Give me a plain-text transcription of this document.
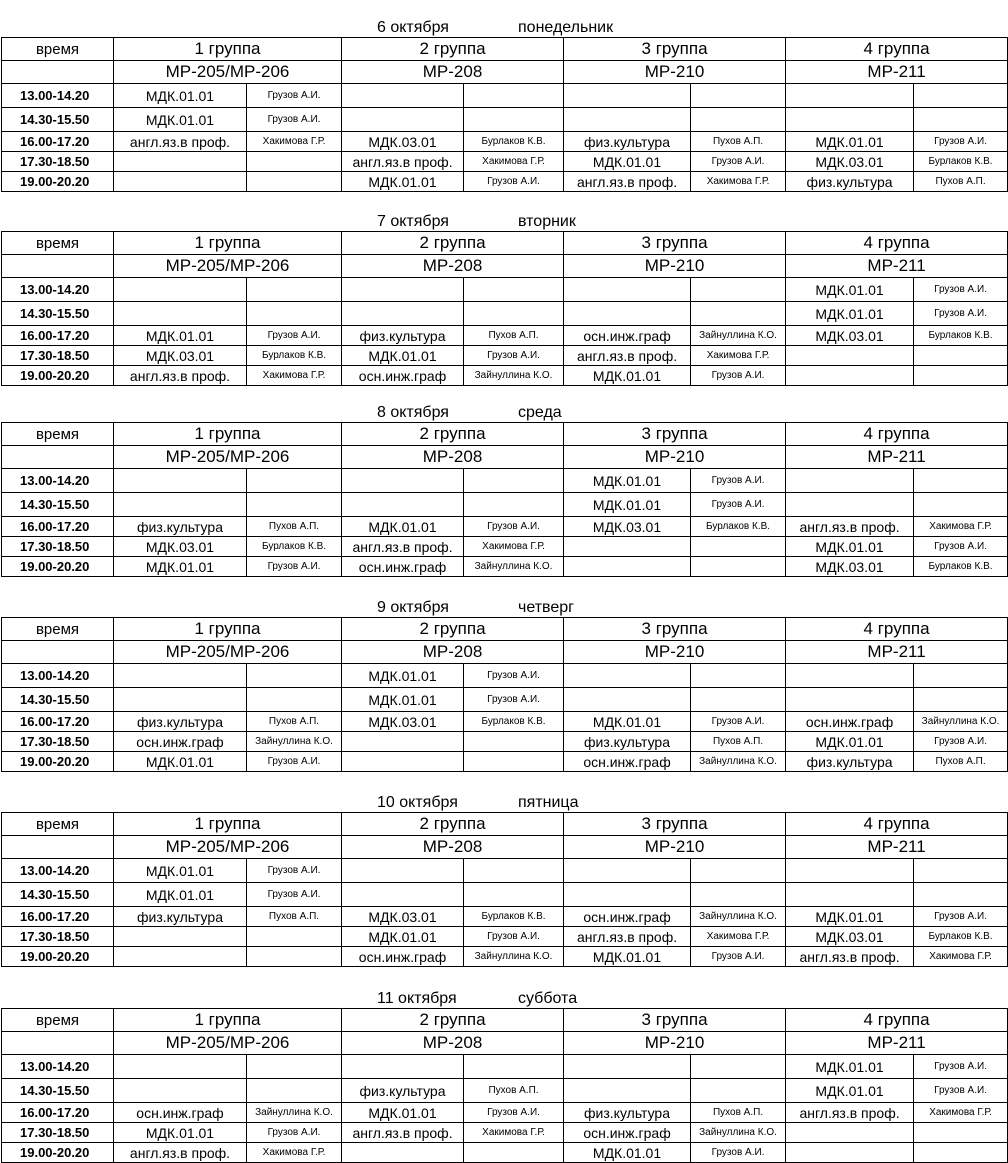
6 октября	понедельник
время	1 группа		2 группа		3 группа		4 группа	
	МР-205/МР-206		МР-208		МР-210		МР-211	
13.00-14.20	МДК.01.01	Грузов А.И.						
14.30-15.50	МДК.01.01	Грузов А.И.						
16.00-17.20	англ.яз.в проф.	Хакимова Г.Р.	МДК.03.01	Бурлаков К.В.	физ.культура	Пухов А.П.	МДК.01.01	Грузов А.И.
17.30-18.50			англ.яз.в проф.	Хакимова Г.Р.	МДК.01.01	Грузов А.И.	МДК.03.01	Бурлаков К.В.
19.00-20.20			МДК.01.01	Грузов А.И.	англ.яз.в проф.	Хакимова Г.Р.	физ.культура	Пухов А.П.
7 октября	вторник
время	1 группа		2 группа		3 группа		4 группа	
	МР-205/МР-206		МР-208		МР-210		МР-211	
13.00-14.20							МДК.01.01	Грузов А.И.
14.30-15.50							МДК.01.01	Грузов А.И.
16.00-17.20	МДК.01.01	Грузов А.И.	физ.культура	Пухов А.П.	осн.инж.граф	Зайнуллина К.О.	МДК.03.01	Бурлаков К.В.
17.30-18.50	МДК.03.01	Бурлаков К.В.	МДК.01.01	Грузов А.И.	англ.яз.в проф.	Хакимова Г.Р.		
19.00-20.20	англ.яз.в проф.	Хакимова Г.Р.	осн.инж.граф	Зайнуллина К.О.	МДК.01.01	Грузов А.И.		
8 октября	среда
время	1 группа		2 группа		3 группа		4 группа	
	МР-205/МР-206		МР-208		МР-210		МР-211	
13.00-14.20					МДК.01.01	Грузов А.И.		
14.30-15.50					МДК.01.01	Грузов А.И.		
16.00-17.20	физ.культура	Пухов А.П.	МДК.01.01	Грузов А.И.	МДК.03.01	Бурлаков К.В.	англ.яз.в проф.	Хакимова Г.Р.
17.30-18.50	МДК.03.01	Бурлаков К.В.	англ.яз.в проф.	Хакимова Г.Р.			МДК.01.01	Грузов А.И.
19.00-20.20	МДК.01.01	Грузов А.И.	осн.инж.граф	Зайнуллина К.О.			МДК.03.01	Бурлаков К.В.
9 октября	четверг
время	1 группа		2 группа		3 группа		4 группа	
	МР-205/МР-206		МР-208		МР-210		МР-211	
13.00-14.20			МДК.01.01	Грузов А.И.				
14.30-15.50			МДК.01.01	Грузов А.И.				
16.00-17.20	физ.культура	Пухов А.П.	МДК.03.01	Бурлаков К.В.	МДК.01.01	Грузов А.И.	осн.инж.граф	Зайнуллина К.О.
17.30-18.50	осн.инж.граф	Зайнуллина К.О.			физ.культура	Пухов А.П.	МДК.01.01	Грузов А.И.
19.00-20.20	МДК.01.01	Грузов А.И.			осн.инж.граф	Зайнуллина К.О.	физ.культура	Пухов А.П.
10 октября	пятница
время	1 группа		2 группа		3 группа		4 группа	
	МР-205/МР-206		МР-208		МР-210		МР-211	
13.00-14.20	МДК.01.01	Грузов А.И.						
14.30-15.50	МДК.01.01	Грузов А.И.						
16.00-17.20	физ.культура	Пухов А.П.	МДК.03.01	Бурлаков К.В.	осн.инж.граф	Зайнуллина К.О.	МДК.01.01	Грузов А.И.
17.30-18.50			МДК.01.01	Грузов А.И.	англ.яз.в проф.	Хакимова Г.Р.	МДК.03.01	Бурлаков К.В.
19.00-20.20			осн.инж.граф	Зайнуллина К.О.	МДК.01.01	Грузов А.И.	англ.яз.в проф.	Хакимова Г.Р.
11 октября	суббота
время	1 группа		2 группа		3 группа		4 группа	
	МР-205/МР-206		МР-208		МР-210		МР-211	
13.00-14.20							МДК.01.01	Грузов А.И.
14.30-15.50			физ.культура	Пухов А.П.			МДК.01.01	Грузов А.И.
16.00-17.20	осн.инж.граф	Зайнуллина К.О.	МДК.01.01	Грузов А.И.	физ.культура	Пухов А.П.	англ.яз.в проф.	Хакимова Г.Р.
17.30-18.50	МДК.01.01	Грузов А.И.	англ.яз.в проф.	Хакимова Г.Р.	осн.инж.граф	Зайнуллина К.О.		
19.00-20.20	англ.яз.в проф.	Хакимова Г.Р.			МДК.01.01	Грузов А.И.		
